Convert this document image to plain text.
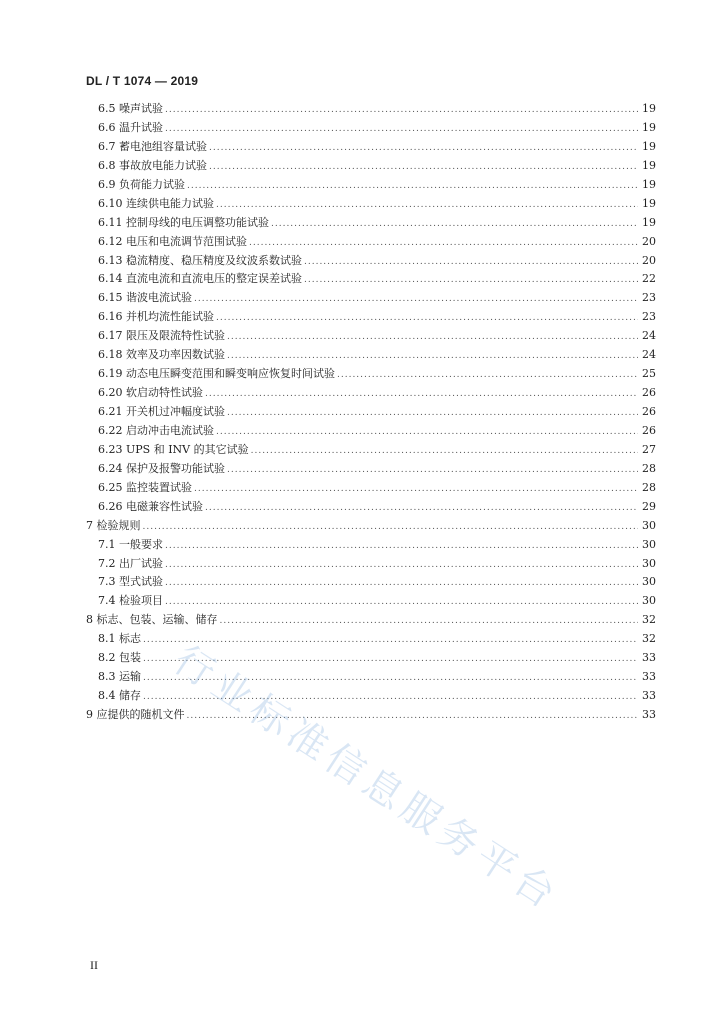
DL / T 1074 — 2019
6.5 噪声试验 .....	19
6.6 温升试验 .....	19
6.7 蓄电池组容量试验 .....	19
6.8 事故放电能力试验 .....	19
6.9 负荷能力试验 .....	19
6.10 连续供电能力试验 .....	19
6.11 控制母线的电压调整功能试验 .....	19
6.12 电压和电流调节范围试验 .....	20
6.13 稳流精度、稳压精度及纹波系数试验 .....	20
6.14 直流电流和直流电压的整定误差试验 .....	22
6.15 谐波电流试验 .....	23
6.16 并机均流性能试验 .....	23
6.17 限压及限流特性试验 .....	24
6.18 效率及功率因数试验 .....	24
6.19 动态电压瞬变范围和瞬变响应恢复时间试验 .....	25
6.20 软启动特性试验 .....	26
6.21 开关机过冲幅度试验 .....	26
6.22 启动冲击电流试验 .....	26
6.23 UPS 和 INV 的其它试验 .....	27
6.24 保护及报警功能试验 .....	28
6.25 监控装置试验 .....	28
6.26 电磁兼容性试验 .....	29
7 检验规则 .....	30
7.1 一般要求 .....	30
7.2 出厂试验 .....	30
7.3 型式试验 .....	30
7.4 检验项目 .....	30
8 标志、包装、运输、储存 .....	32
8.1 标志 .....	32
8.2 包装 .....	33
8.3 运输 .....	33
8.4 储存 .....	33
9 应提供的随机文件 .....	33
II
行业标准信息服务平台
